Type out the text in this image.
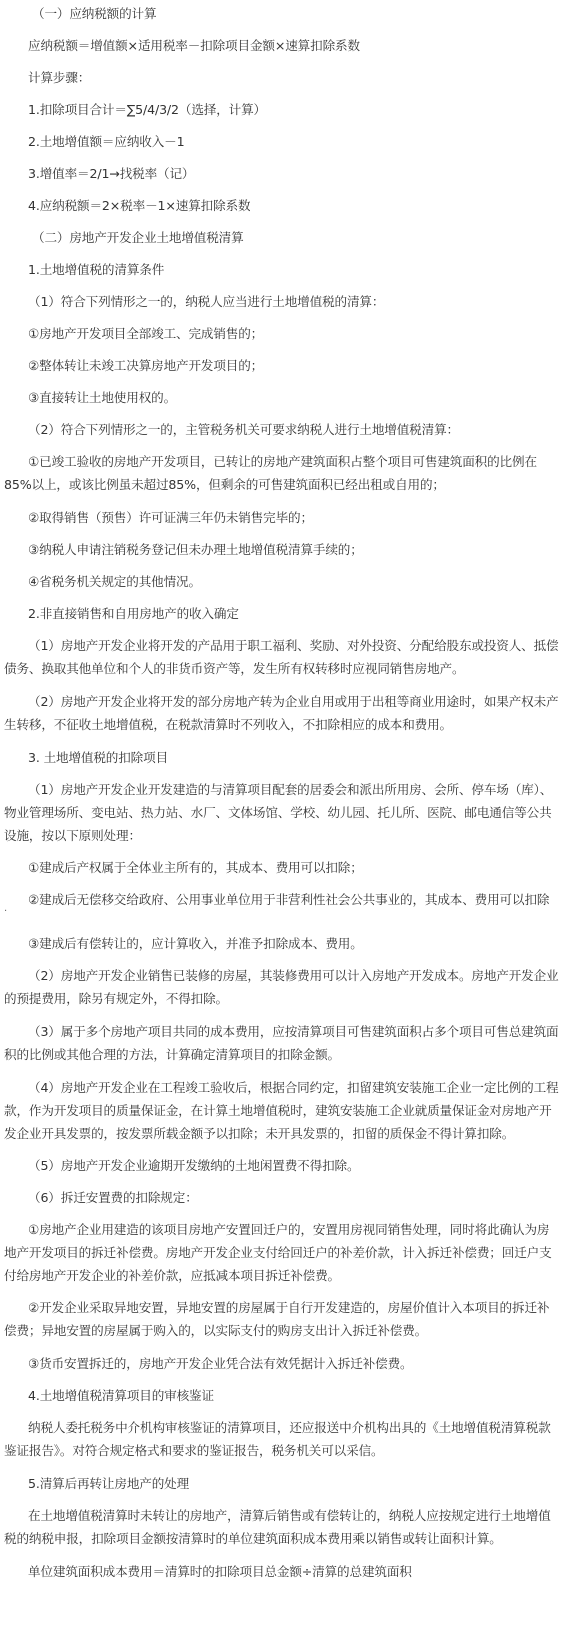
（一）应纳税额的计算
应纳税额＝增值额×适用税率－扣除项目金额×速算扣除系数
计算步骤：
1.扣除项目合计＝∑5/4/3/2（选择，计算）
2.土地增值额＝应纳收入－1
3.增值率＝2/1→找税率（记）
4.应纳税额＝2×税率－1×速算扣除系数
（二）房地产开发企业土地增值税清算
1.土地增值税的清算条件
（1）符合下列情形之一的，纳税人应当进行土地增值税的清算：
①房地产开发项目全部竣工、完成销售的；
②整体转让未竣工决算房地产开发项目的；
③直接转让土地使用权的。
（2）符合下列情形之一的，主管税务机关可要求纳税人进行土地增值税清算：
①已竣工验收的房地产开发项目，已转让的房地产建筑面积占整个项目可售建筑面积的比例在
85%以上，或该比例虽未超过85%，但剩余的可售建筑面积已经出租或自用的；
②取得销售（预售）许可证满三年仍未销售完毕的；
③纳税人申请注销税务登记但未办理土地增值税清算手续的；
④省税务机关规定的其他情况。
2.非直接销售和自用房地产的收入确定
（1）房地产开发企业将开发的产品用于职工福利、奖励、对外投资、分配给股东或投资人、抵偿
债务、换取其他单位和个人的非货币资产等，发生所有权转移时应视同销售房地产。
（2）房地产开发企业将开发的部分房地产转为企业自用或用于出租等商业用途时，如果产权未产
生转移，不征收土地增值税，在税款清算时不列收入，不扣除相应的成本和费用。
3. 土地增值税的扣除项目
（1）房地产开发企业开发建造的与清算项目配套的居委会和派出所用房、会所、停车场（库）、
物业管理场所、变电站、热力站、水厂、文体场馆、学校、幼儿园、托儿所、医院、邮电通信等公共
设施，按以下原则处理：
①建成后产权属于全体业主所有的，其成本、费用可以扣除；
②建成后无偿移交给政府、公用事业单位用于非营利性社会公共事业的，其成本、费用可以扣除
·
③建成后有偿转让的，应计算收入，并准予扣除成本、费用。
（2）房地产开发企业销售已装修的房屋，其装修费用可以计入房地产开发成本。房地产开发企业
的预提费用，除另有规定外，不得扣除。
（3）属于多个房地产项目共同的成本费用，应按清算项目可售建筑面积占多个项目可售总建筑面
积的比例或其他合理的方法，计算确定清算项目的扣除金额。
（4）房地产开发企业在工程竣工验收后，根据合同约定，扣留建筑安装施工企业一定比例的工程
款，作为开发项目的质量保证金，在计算土地增值税时，建筑安装施工企业就质量保证金对房地产开
发企业开具发票的，按发票所载金额予以扣除；未开具发票的，扣留的质保金不得计算扣除。
（5）房地产开发企业逾期开发缴纳的土地闲置费不得扣除。
（6）拆迁安置费的扣除规定：
①房地产企业用建造的该项目房地产安置回迁户的，安置用房视同销售处理，同时将此确认为房
地产开发项目的拆迁补偿费。房地产开发企业支付给回迁户的补差价款，计入拆迁补偿费；回迁户支
付给房地产开发企业的补差价款，应抵减本项目拆迁补偿费。
②开发企业采取异地安置，异地安置的房屋属于自行开发建造的，房屋价值计入本项目的拆迁补
偿费；异地安置的房屋属于购入的，以实际支付的购房支出计入拆迁补偿费。
③货币安置拆迁的，房地产开发企业凭合法有效凭据计入拆迁补偿费。
4.土地增值税清算项目的审核鉴证
纳税人委托税务中介机构审核鉴证的清算项目，还应报送中介机构出具的《土地增值税清算税款
鉴证报告》。对符合规定格式和要求的鉴证报告，税务机关可以采信。
5.清算后再转让房地产的处理
在土地增值税清算时未转让的房地产，清算后销售或有偿转让的，纳税人应按规定进行土地增值
税的纳税申报，扣除项目金额按清算时的单位建筑面积成本费用乘以销售或转让面积计算。
单位建筑面积成本费用＝清算时的扣除项目总金额÷清算的总建筑面积
